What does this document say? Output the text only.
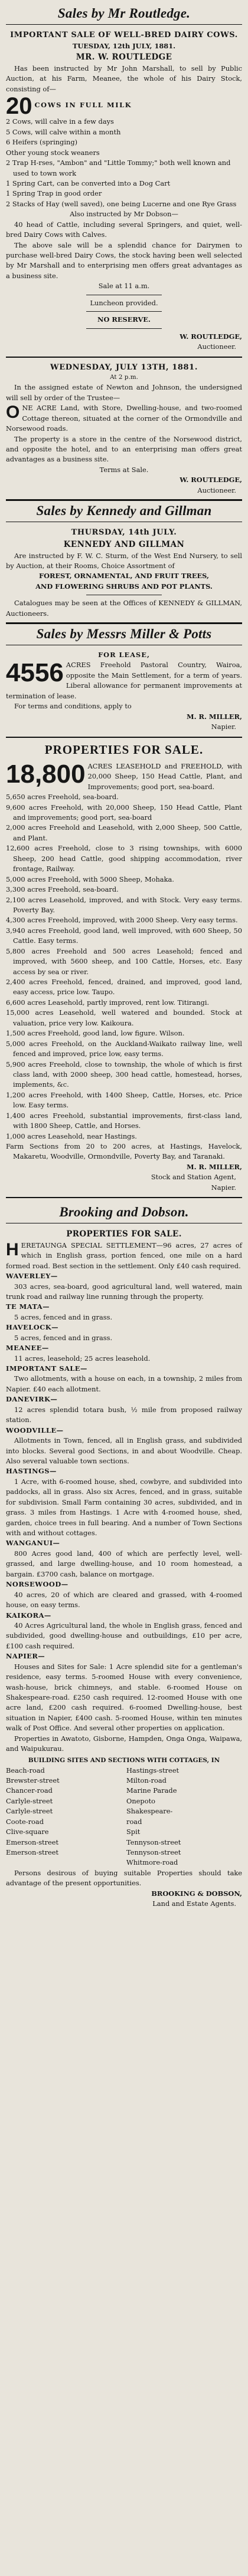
Sales by Mr Routledge.
IMPORTANT SALE OF WELL-BRED DAIRY COWS.
TUESDAY, 12th JULY, 1881.
MR. W. ROUTLEDGE
Has been instructed by Mr John Marshall, to sell by Public Auction, at his Farm, Meanee, the whole of his Dairy Stock, consisting of—
20 COWS IN FULL MILK
2 Cows, will calve in a few days
5 Cows, will calve within a month
6 Heifers (springing)
Other young stock weaners
2 Trap H-rses, "Ambon" and "Little Tommy;" both well known and used to town work
1 Spring Cart, can be converted into a Dog Cart
1 Spring Trap in good order
2 Stacks of Hay (well saved), one being Lucerne and one Rye Grass
Also instructed by Mr Dobson—
40 head of Cattle, including several Springers, and quiet, well-bred Dairy Cows with Calves.
The above sale will be a splendid chance for Dairymen to purchase well-bred Dairy Cows, the stock having been well selected by Mr Marshall and to enterprising men offers great advantages as a business site.
Sale at 11 a.m.
Luncheon provided.
NO RESERVE.
W. ROUTLEDGE,
Auctioneer.
WEDNESDAY, JULY 13TH, 1881.
At 2 p.m.
In the assigned estate of Newton and Johnson, the undersigned will sell by order of the Trustee—
O NE ACRE Land, with Store, Dwelling-house, and two-roomed Cottage thereon, situated at the corner of the Ormondville and Norsewood roads.
The property is a store in the centre of the Norsewood district, and opposite the hotel, and to an enterprising man offers great advantages as a business site.
Terms at Sale.
W. ROUTLEDGE,
Auctioneer.
Sales by Kennedy and Gillman
THURSDAY, 14th JULY.
KENNEDY AND GILLMAN
Are instructed by F. W. C. Sturm, of the West End Nursery, to sell by Auction, at their Rooms, Choice Assortment of
FOREST, ORNAMENTAL, AND FRUIT TREES,
AND FLOWERING SHRUBS AND POT PLANTS.
Catalogues may be seen at the Offices of KENNEDY & GILLMAN, Auctioneers.
Sales by Messrs Miller & Potts
FOR LEASE,
4556 ACRES Freehold Pastoral Country, Wairoa, opposite the Main Settlement, for a term of years. Liberal allowance for permanent improvements at termination of lease.
For terms and conditions, apply to
M. R. MILLER,
Napier.
PROPERTIES FOR SALE.
18,800 ACRES LEASEHOLD and FREEHOLD, with 20,000 Sheep, 150 Head Cattle, Plant, and Improvements; good port, sea-board.
5,650 acres Freehold, sea-board.
9,600 acres Freehold, with 20,000 Sheep, 150 Head Cattle, Plant and improvements; good port, sea-board
2,000 acres Freehold and Leasehold, with 2,000 Sheep, 500 Cattle, and Plant.
12,600 acres Freehold, close to 3 rising townships, with 6000 Sheep, 200 head Cattle, good shipping accommodation, river frontage, Railway.
5,000 acres Freehold, with 5000 Sheep, Mohaka.
3,300 acres Freehold, sea-board.
2,100 acres Leasehold, improved, and with Stock. Very easy terms. Poverty Bay.
4,300 acres Freehold, improved, with 2000 Sheep. Very easy terms.
3,940 acres Freehold, good land, well improved, with 600 Sheep, 50 Cattle. Easy terms.
5,800 acres Freehold and 500 acres Leasehold; fenced and improved, with 5600 sheep, and 100 Cattle, Horses, etc. Easy access by sea or river.
2,400 acres Freehold, fenced, drained, and improved, good land, easy access, price low. Taupo.
6,600 acres Leasehold, partly improved, rent low. Titirangi.
15,000 acres Leasehold, well watered and bounded. Stock at valuation, price very low. Kaikoura.
1,500 acres Freehold, good land, low figure. Wilson.
5,000 acres Freehold, on the Auckland-Waikato railway line, well fenced and improved, price low, easy terms.
5,900 acres Freehold, close to township, the whole of which is first class land, with 2000 sheep, 300 head cattle, homestead, horses, implements, &c.
1,200 acres Freehold, with 1400 Sheep, Cattle, Horses, etc. Price low. Easy terms.
1,400 acres Freehold, substantial improvements, first-class land, with 1800 Sheep, Cattle, and Horses.
1,000 acres Leasehold, near Hastings.
Farm Sections from 20 to 200 acres, at Hastings, Havelock, Makaretu, Woodville, Ormondville, Poverty Bay, and Taranaki.
M. R. MILLER,
Stock and Station Agent,
Napier.
Brooking and Dobson.
PROPERTIES FOR SALE.
H ERETAUNGA SPECIAL SETTLEMENT—96 acres, 27 acres of which in English grass, portion fenced, one mile on a hard formed road. Best section in the settlement. Only £40 cash required.
WAVERLEY—
303 acres, sea-board, good agricultural land, well watered, main trunk road and railway line running through the property.
TE MATA—
5 acres, fenced and in grass.
HAVELOCK—
5 acres, fenced and in grass.
MEANEE—
11 acres, leasehold; 25 acres leasehold.
IMPORTANT SALE—
Two allotments, with a house on each, in a township, 2 miles from Napier. £40 each allotment.
DANEVIRK—
12 acres splendid totara bush, ½ mile from proposed railway station.
WOODVILLE—
Allotments in Town, fenced, all in English grass, and subdivided into blocks. Several good Sections, in and about Woodville. Cheap. Also several valuable town sections.
HASTINGS—
1 Acre, with 6-roomed house, shed, cowbyre, and subdivided into paddocks, all in grass. Also six Acres, fenced, and in grass, suitable for subdivision. Small Farm containing 30 acres, subdivided, and in grass. 3 miles from Hastings. 1 Acre with 4-roomed house, shed, garden, choice trees in full bearing. And a number of Town Sections with and without cottages.
WANGANUI—
800 Acres good land, 400 of which are perfectly level, well-grassed, and large dwelling-house, and 10 room homestead, a bargain. £3700 cash, balance on mortgage.
NORSEWOOD—
40 acres, 20 of which are cleared and grassed, with 4-roomed house, on easy terms.
KAIKORA—
40 Acres Agricultural land, the whole in English grass, fenced and subdivided, good dwelling-house and outbuildings, £10 per acre, £100 cash required.
NAPIER—
Houses and Sites for Sale: 1 Acre splendid site for a gentleman's residence, easy terms. 5-roomed House with every convenience, wash-house, brick chimneys, and stable. 6-roomed House on Shakespeare-road. £250 cash required. 12-roomed House with one acre land, £200 cash required. 6-roomed Dwelling-house, best situation in Napier, £400 cash. 5-roomed House, within ten minutes walk of Post Office. And several other properties on application.
Properties in Awatoto, Gisborne, Hampden, Onga Onga, Waipawa, and Waipukurau.
BUILDING SITES AND SECTIONS WITH COTTAGES, IN
Beach-road
Brewster-street
Chancer-road
Carlyle-street
Carlyle-street
Coote-road
Clive-square
Emerson-street
Emerson-street
Hastings-street
Milton-road
Marine Parade
Onepoto
Shakespeare-road
Spit
Tennyson-street
Tennyson-street
Whitmore-road
Persons desirous of buying suitable Properties should take advantage of the present opportunities.
BROOKING & DOBSON,
Land and Estate Agents.
